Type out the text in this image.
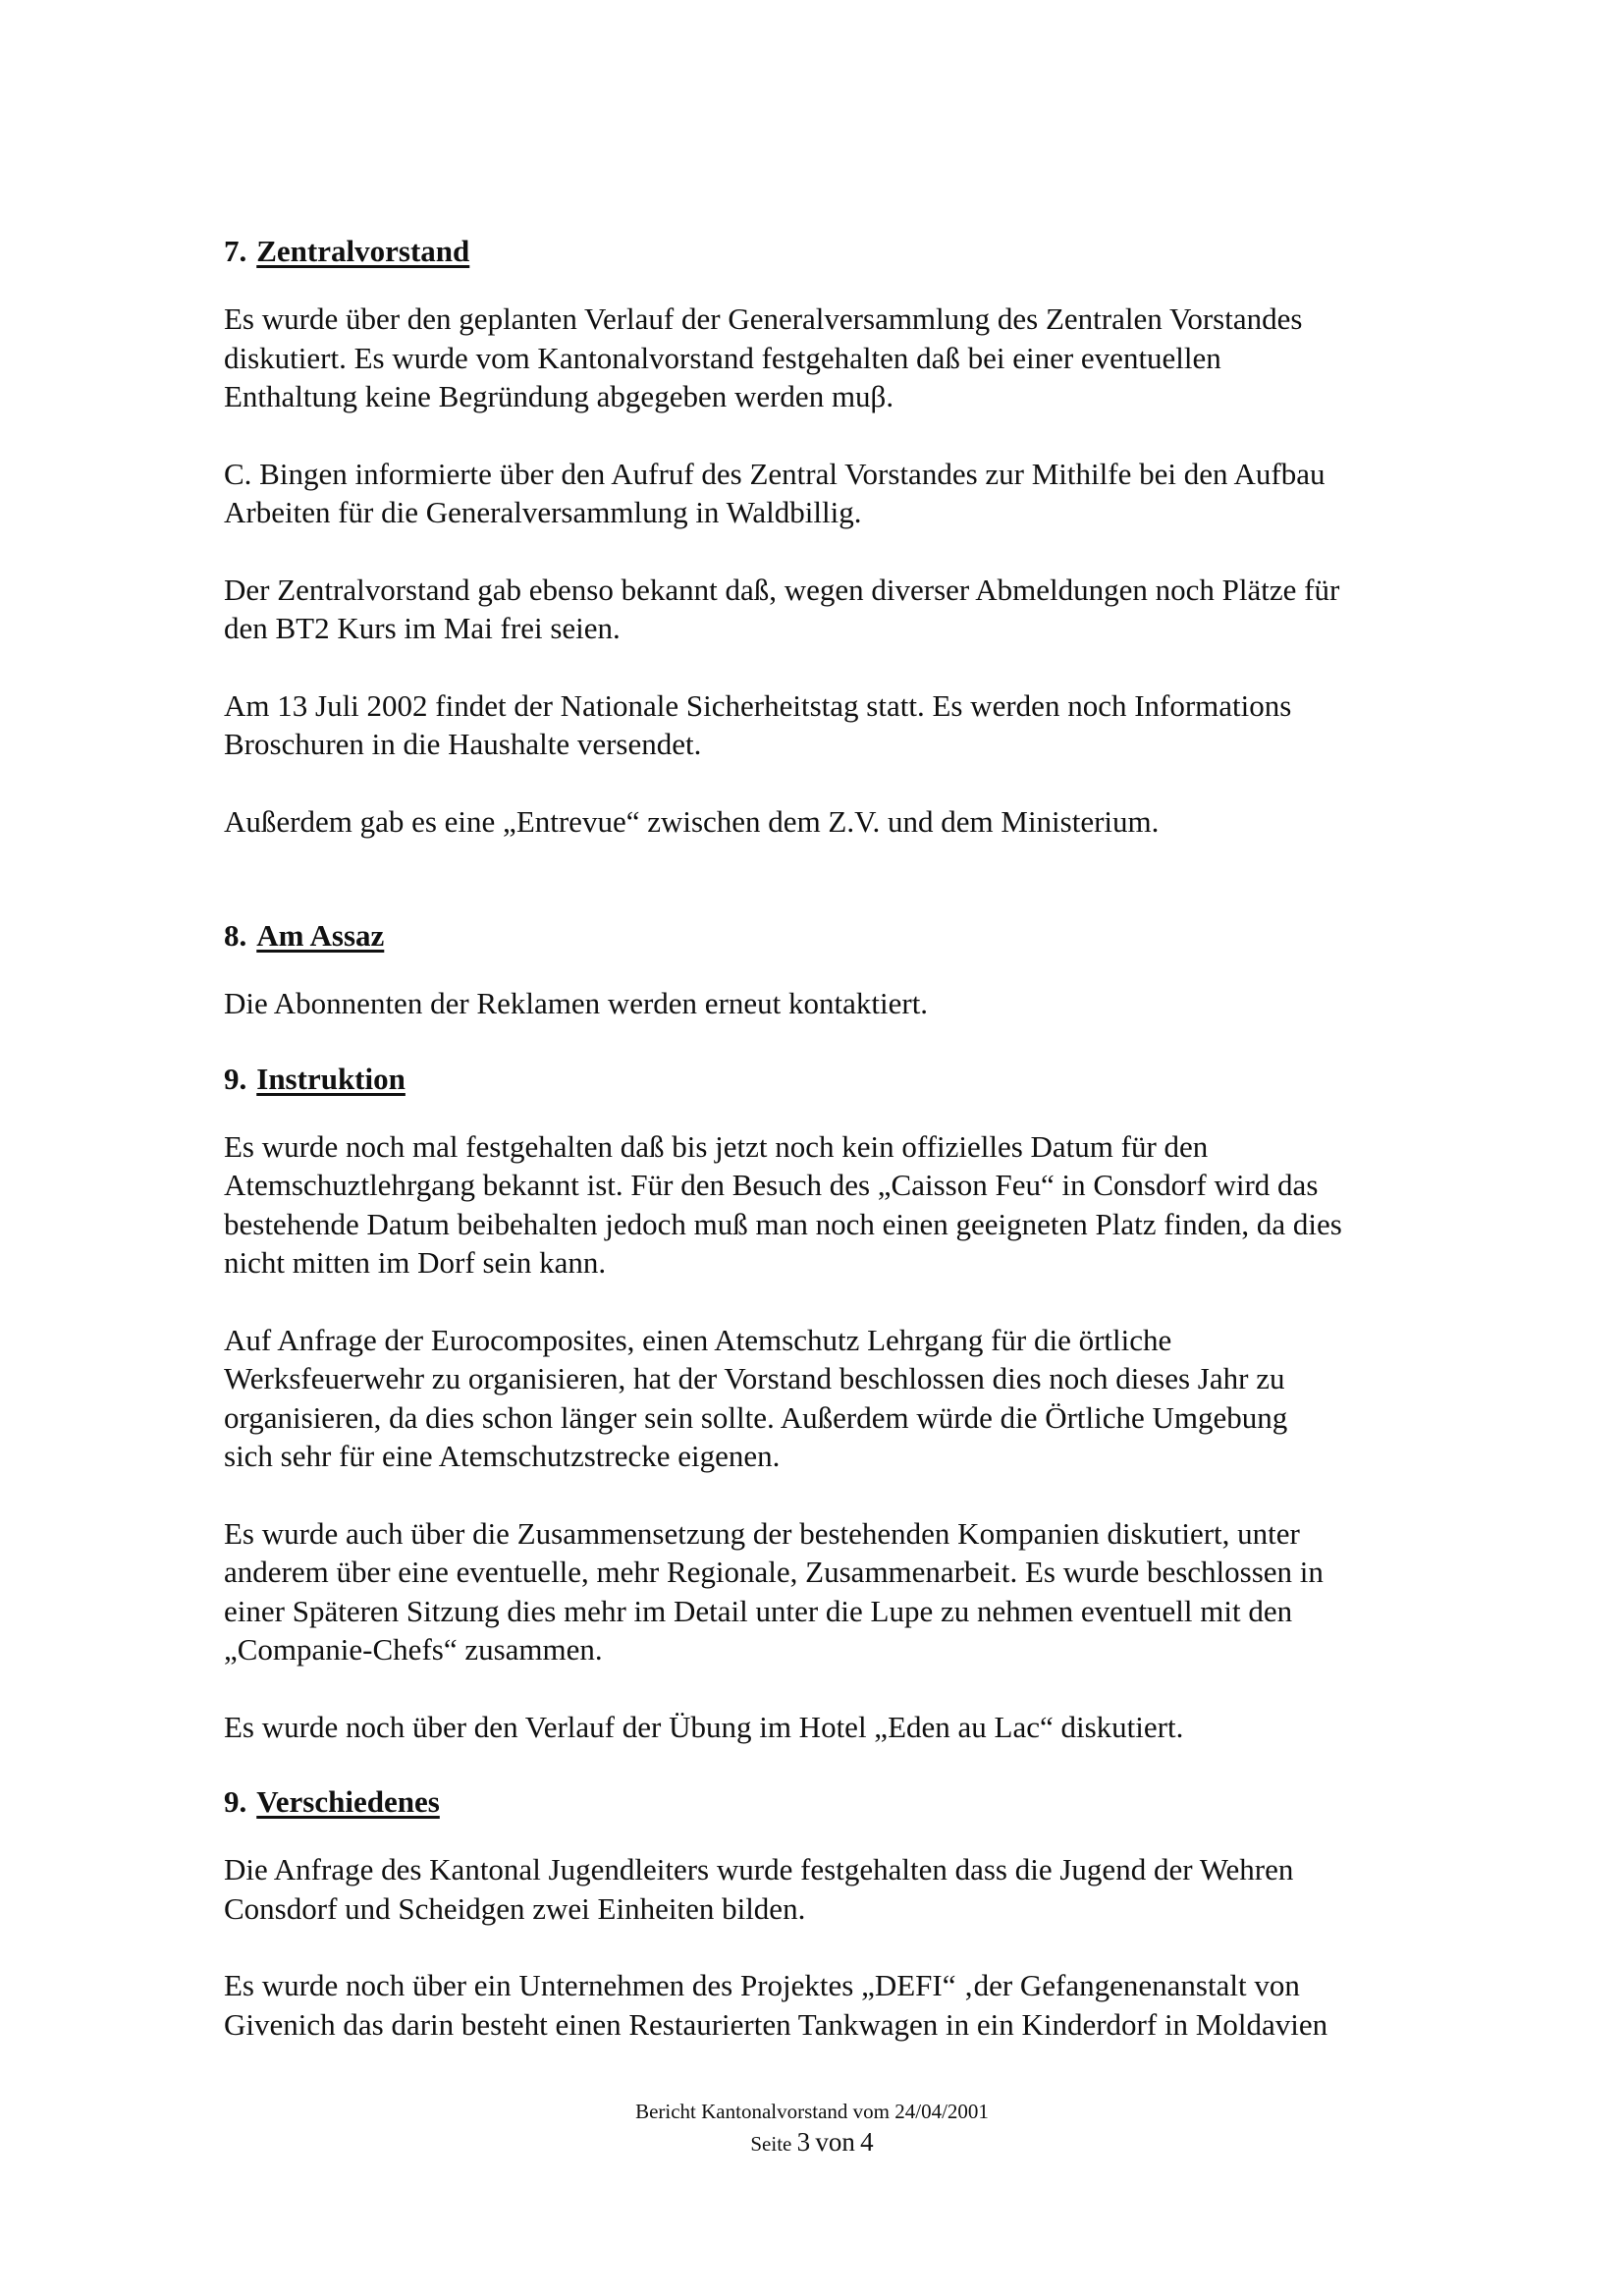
7. Zentralvorstand

Es wurde über den geplanten Verlauf der Generalversammlung des Zentralen Vorstandes
diskutiert. Es wurde vom Kantonalvorstand festgehalten daß bei einer eventuellen
Enthaltung keine Begründung abgegeben werden muβ.

C. Bingen informierte über den Aufruf des Zentral Vorstandes zur Mithilfe bei den Aufbau
Arbeiten für die Generalversammlung in Waldbillig.

Der Zentralvorstand gab ebenso bekannt daß, wegen diverser Abmeldungen noch Plätze für
den BT2 Kurs im Mai frei seien.

Am 13 Juli 2002 findet der Nationale Sicherheitstag statt. Es werden noch Informations
Broschuren in die Haushalte versendet.

Außerdem gab es eine „Entrevue“ zwischen dem Z.V. und dem Ministerium.

8. Am Assaz

Die Abonnenten der Reklamen werden erneut kontaktiert.

9. Instruktion

Es wurde noch mal festgehalten daß bis jetzt noch kein offizielles Datum für den
Atemschuztlehrgang bekannt ist. Für den Besuch des „Caisson Feu“ in Consdorf wird das
bestehende Datum beibehalten jedoch muß man noch einen geeigneten Platz finden, da dies
nicht mitten im Dorf sein kann.

Auf Anfrage der Eurocomposites, einen Atemschutz Lehrgang für die örtliche
Werksfeuerwehr zu organisieren, hat der Vorstand beschlossen dies noch dieses Jahr zu
organisieren, da dies schon länger sein sollte. Außerdem würde die Örtliche Umgebung
sich sehr für eine Atemschutzstrecke eigenen.

Es wurde auch über die Zusammensetzung der bestehenden Kompanien diskutiert, unter
anderem über eine eventuelle, mehr Regionale, Zusammenarbeit. Es wurde beschlossen in
einer Späteren Sitzung dies mehr im Detail unter die Lupe zu nehmen eventuell mit den
„Companie-Chefs“ zusammen.

Es wurde noch über den Verlauf der Übung im Hotel „Eden au Lac“ diskutiert.

9. Verschiedenes

Die Anfrage des Kantonal Jugendleiters wurde festgehalten dass die Jugend der Wehren
Consdorf und Scheidgen zwei Einheiten bilden.

Es wurde noch über ein Unternehmen des Projektes „DEFI“ ‚der Gefangenenanstalt von
Givenich das darin besteht einen Restaurierten Tankwagen in ein Kinderdorf in Moldavien

Bericht Kantonalvorstand vom 24/04/2001
Seite 3 von 4
